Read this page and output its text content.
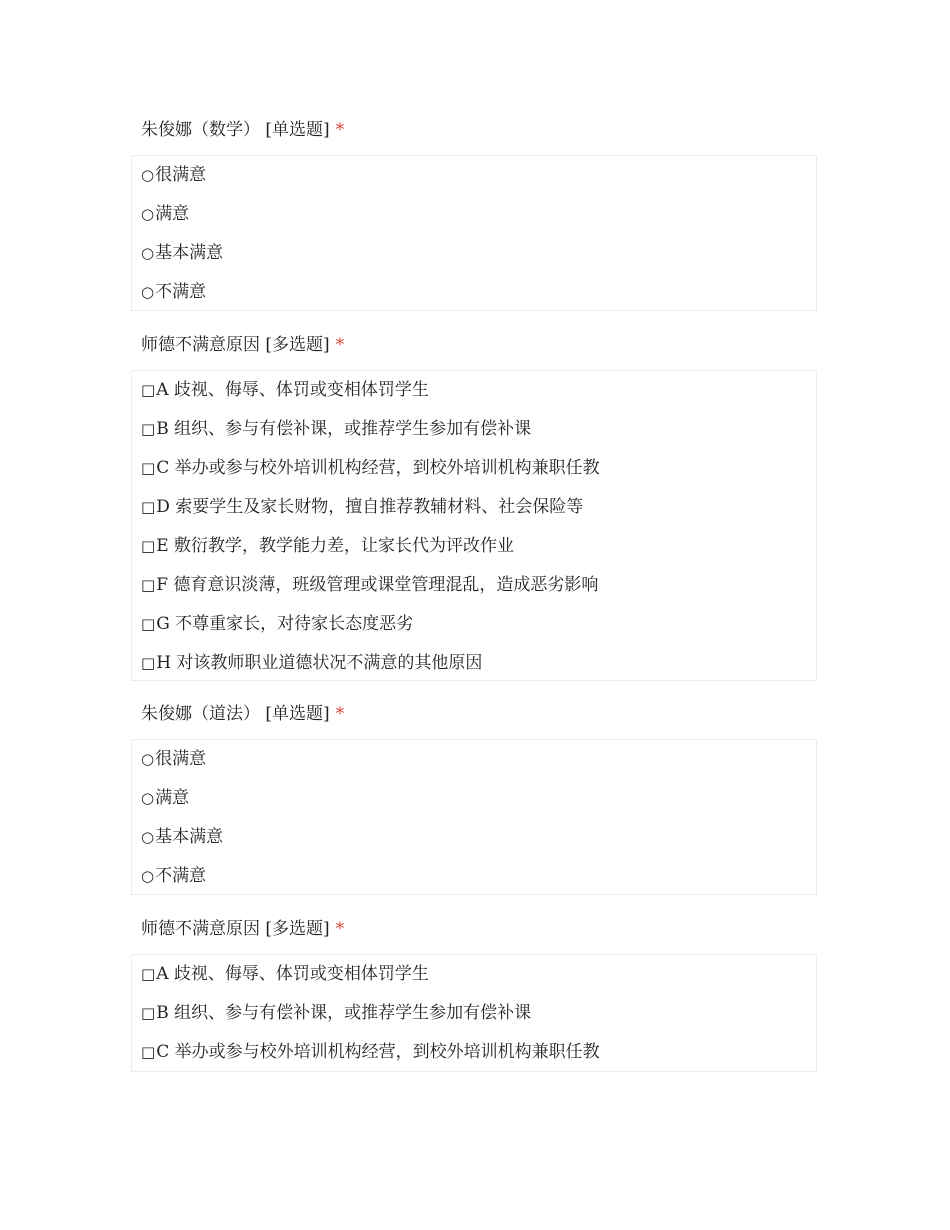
朱俊娜（数学） [单选题] *
○很满意
○满意
○基本满意
○不满意
师德不满意原因 [多选题] *
□A 歧视、侮辱、体罚或变相体罚学生
□B 组织、参与有偿补课，或推荐学生参加有偿补课
□C 举办或参与校外培训机构经营，到校外培训机构兼职任教
□D 索要学生及家长财物，擅自推荐教辅材料、社会保险等
□E 敷衍教学，教学能力差，让家长代为评改作业
□F 德育意识淡薄，班级管理或课堂管理混乱，造成恶劣影响
□G 不尊重家长，对待家长态度恶劣
□H 对该教师职业道德状况不满意的其他原因
朱俊娜（道法） [单选题] *
○很满意
○满意
○基本满意
○不满意
师德不满意原因 [多选题] *
□A 歧视、侮辱、体罚或变相体罚学生
□B 组织、参与有偿补课，或推荐学生参加有偿补课
□C 举办或参与校外培训机构经营，到校外培训机构兼职任教
